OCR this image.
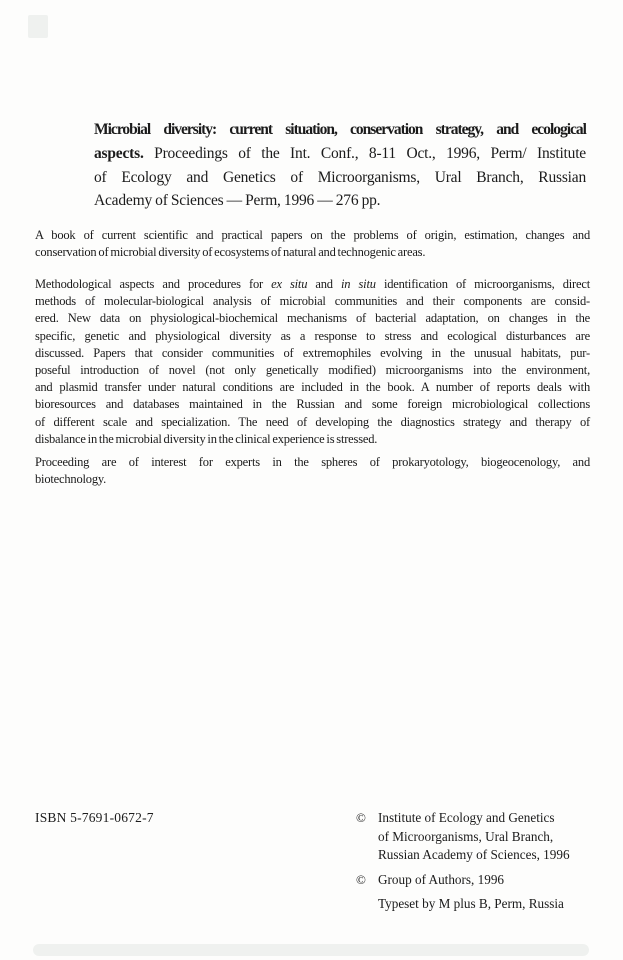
Microbial diversity: current situation, conservation strategy, and ecological
aspects. Proceedings of the Int. Conf., 8-11 Oct., 1996, Perm/ Institute
of Ecology and Genetics of Microorganisms, Ural Branch, Russian
Academy of Sciences — Perm, 1996 — 276 pp.
A book of current scientific and practical papers on the problems of origin, estimation, changes and
conservation of microbial diversity of ecosystems of natural and technogenic areas.
Methodological aspects and procedures for ex situ and in situ identification of microorganisms, direct
methods of molecular-biological analysis of microbial communities and their components are consid-
ered. New data on physiological-biochemical mechanisms of bacterial adaptation, on changes in the
specific, genetic and physiological diversity as a response to stress and ecological disturbances are
discussed. Papers that consider communities of extremophiles evolving in the unusual habitats, pur-
poseful introduction of novel (not only genetically modified) microorganisms into the environment,
and plasmid transfer under natural conditions are included in the book. A number of reports deals with
bioresources and databases maintained in the Russian and some foreign microbiological collections
of different scale and specialization. The need of developing the diagnostics strategy and therapy of
disbalance in the microbial diversity in the clinical experience is stressed.
Proceeding are of interest for experts in the spheres of prokaryotology, biogeocenology, and
biotechnology.
ISBN 5-7691-0672-7	© Institute of Ecology and Genetics
of Microorganisms, Ural Branch,
Russian Academy of Sciences, 1996
© Group of Authors, 1996
Typeset by M plus B, Perm, Russia
